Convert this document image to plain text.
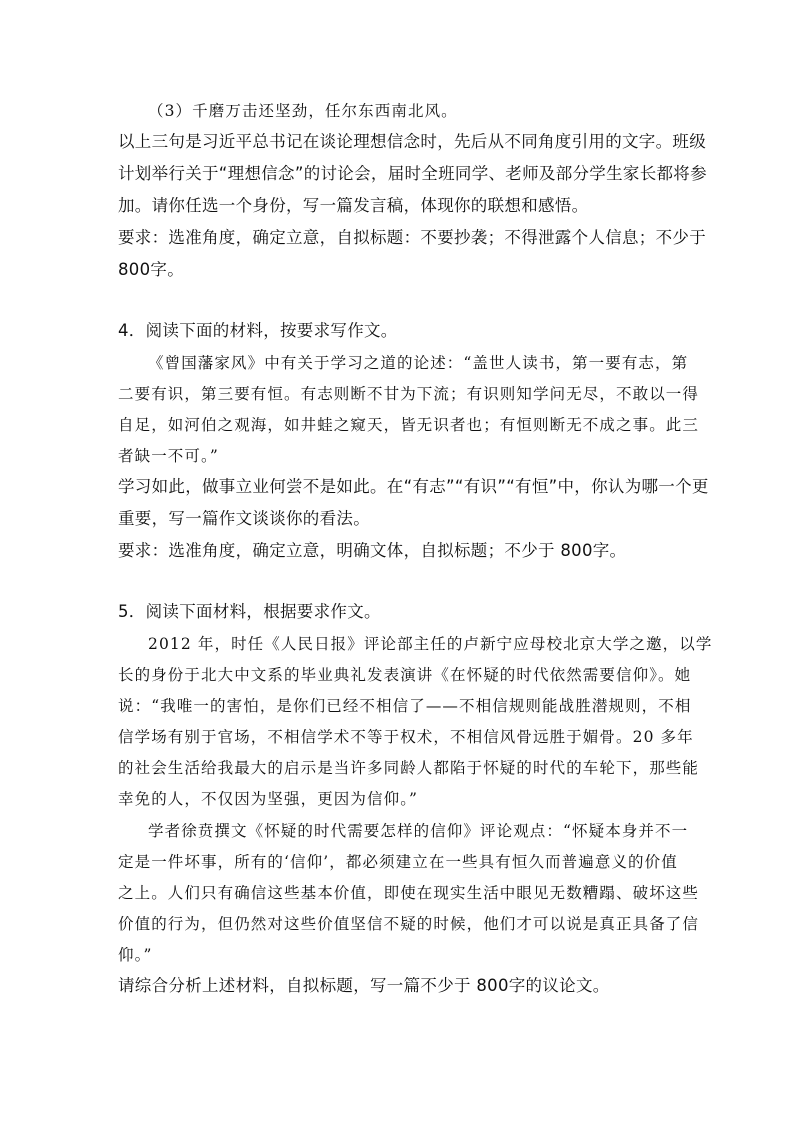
（3）千磨万击还坚劲，任尔东西南北风。
以上三句是习近平总书记在谈论理想信念时，先后从不同角度引用的文字。班级
计划举行关于“理想信念”的讨论会，届时全班同学、老师及部分学生家长都将参
加。请你任选一个身份，写一篇发言稿，体现你的联想和感悟。
要求：选准角度，确定立意，自拟标题：不要抄袭；不得泄露个人信息；不少于
800字。
4．阅读下面的材料，按要求写作文。
《曾国藩家风》中有关于学习之道的论述：“盖世人读书，第一要有志，第
二要有识，第三要有恒。有志则断不甘为下流；有识则知学问无尽，不敢以一得
自足，如河伯之观海，如井蛙之窥天，皆无识者也；有恒则断无不成之事。此三
者缺一不可。”
学习如此，做事立业何尝不是如此。在“有志”“有识”“有恒”中，你认为哪一个更
重要，写一篇作文谈谈你的看法。
要求：选准角度，确定立意，明确文体，自拟标题；不少于 800字。
5．阅读下面材料，根据要求作文。
2012 年，时任《人民日报》评论部主任的卢新宁应母校北京大学之邀，以学
长的身份于北大中文系的毕业典礼发表演讲《在怀疑的时代依然需要信仰》。她
说：“我唯一的害怕，是你们已经不相信了——不相信规则能战胜潜规则，不相
信学场有别于官场，不相信学术不等于权术，不相信风骨远胜于媚骨。20 多年
的社会生活给我最大的启示是当许多同龄人都陷于怀疑的时代的车轮下，那些能
幸免的人，不仅因为坚强，更因为信仰。”
学者徐贲撰文《怀疑的时代需要怎样的信仰》评论观点：“怀疑本身并不一
定是一件坏事，所有的‘信仰’，都必须建立在一些具有恒久而普遍意义的价值
之上。人们只有确信这些基本价值，即使在现实生活中眼见无数糟蹋、破坏这些
价值的行为，但仍然对这些价值坚信不疑的时候，他们才可以说是真正具备了信
仰。”
请综合分析上述材料，自拟标题，写一篇不少于 800字的议论文。
